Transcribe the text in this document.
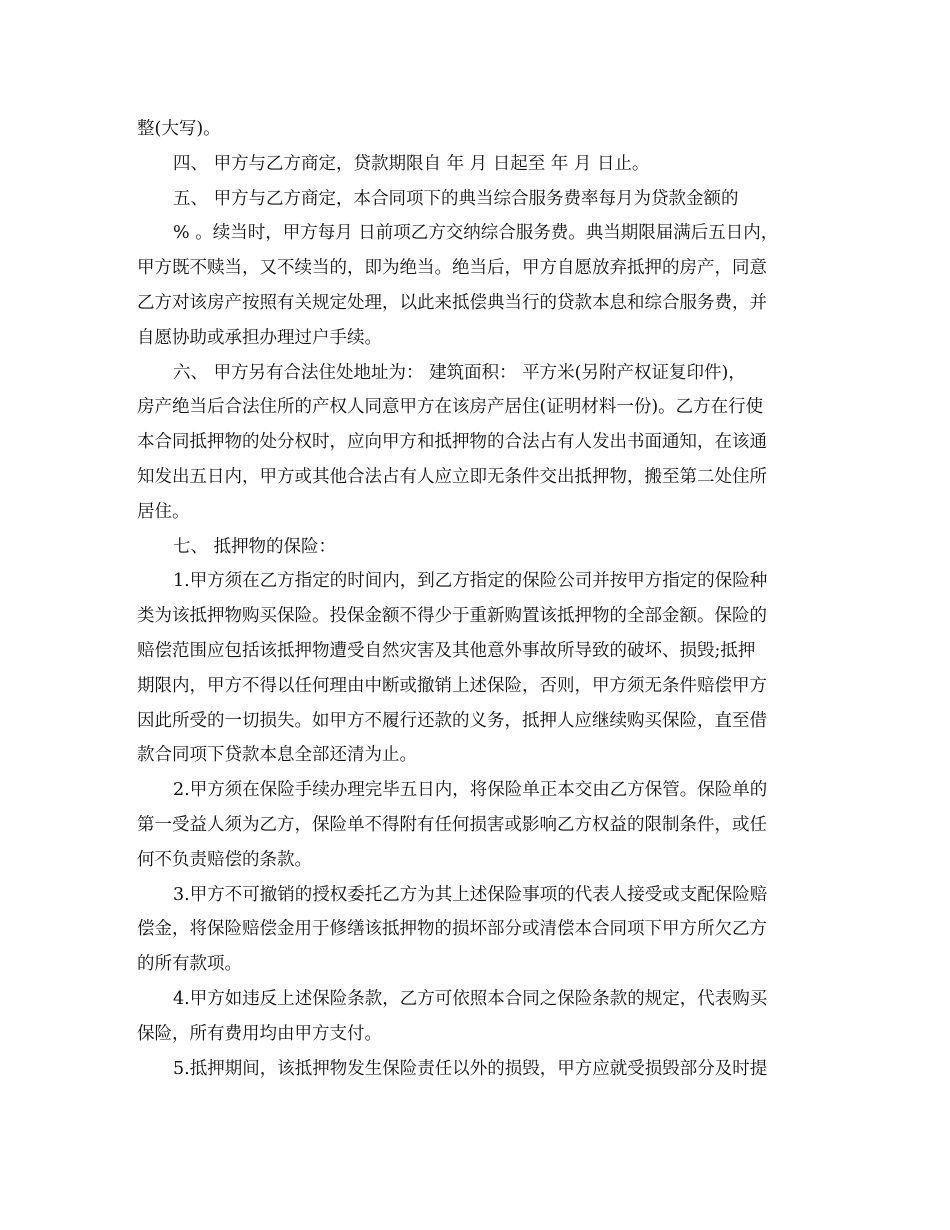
整(大写)。
四、 甲方与乙方商定，贷款期限自 年 月 日起至 年 月 日止。
五、 甲方与乙方商定，本合同项下的典当综合服务费率每月为贷款金额的
% 。续当时，甲方每月 日前项乙方交纳综合服务费。典当期限届满后五日内，
甲方既不赎当，又不续当的，即为绝当。绝当后，甲方自愿放弃抵押的房产，同意
乙方对该房产按照有关规定处理，以此来抵偿典当行的贷款本息和综合服务费，并
自愿协助或承担办理过户手续。
六、 甲方另有合法住处地址为： 建筑面积： 平方米(另附产权证复印件)，
房产绝当后合法住所的产权人同意甲方在该房产居住(证明材料一份)。乙方在行使
本合同抵押物的处分权时，应向甲方和抵押物的合法占有人发出书面通知，在该通
知发出五日内，甲方或其他合法占有人应立即无条件交出抵押物，搬至第二处住所
居住。
七、 抵押物的保险：
1.甲方须在乙方指定的时间内，到乙方指定的保险公司并按甲方指定的保险种
类为该抵押物购买保险。投保金额不得少于重新购置该抵押物的全部金额。保险的
赔偿范围应包括该抵押物遭受自然灾害及其他意外事故所导致的破坏、损毁;抵押
期限内，甲方不得以任何理由中断或撤销上述保险，否则，甲方须无条件赔偿甲方
因此所受的一切损失。如甲方不履行还款的义务，抵押人应继续购买保险，直至借
款合同项下贷款本息全部还清为止。
2.甲方须在保险手续办理完毕五日内，将保险单正本交由乙方保管。保险单的
第一受益人须为乙方，保险单不得附有任何损害或影响乙方权益的限制条件，或任
何不负责赔偿的条款。
3.甲方不可撤销的授权委托乙方为其上述保险事项的代表人接受或支配保险赔
偿金，将保险赔偿金用于修缮该抵押物的损坏部分或清偿本合同项下甲方所欠乙方
的所有款项。
4.甲方如违反上述保险条款，乙方可依照本合同之保险条款的规定，代表购买
保险，所有费用均由甲方支付。
5.抵押期间，该抵押物发生保险责任以外的损毁，甲方应就受损毁部分及时提
